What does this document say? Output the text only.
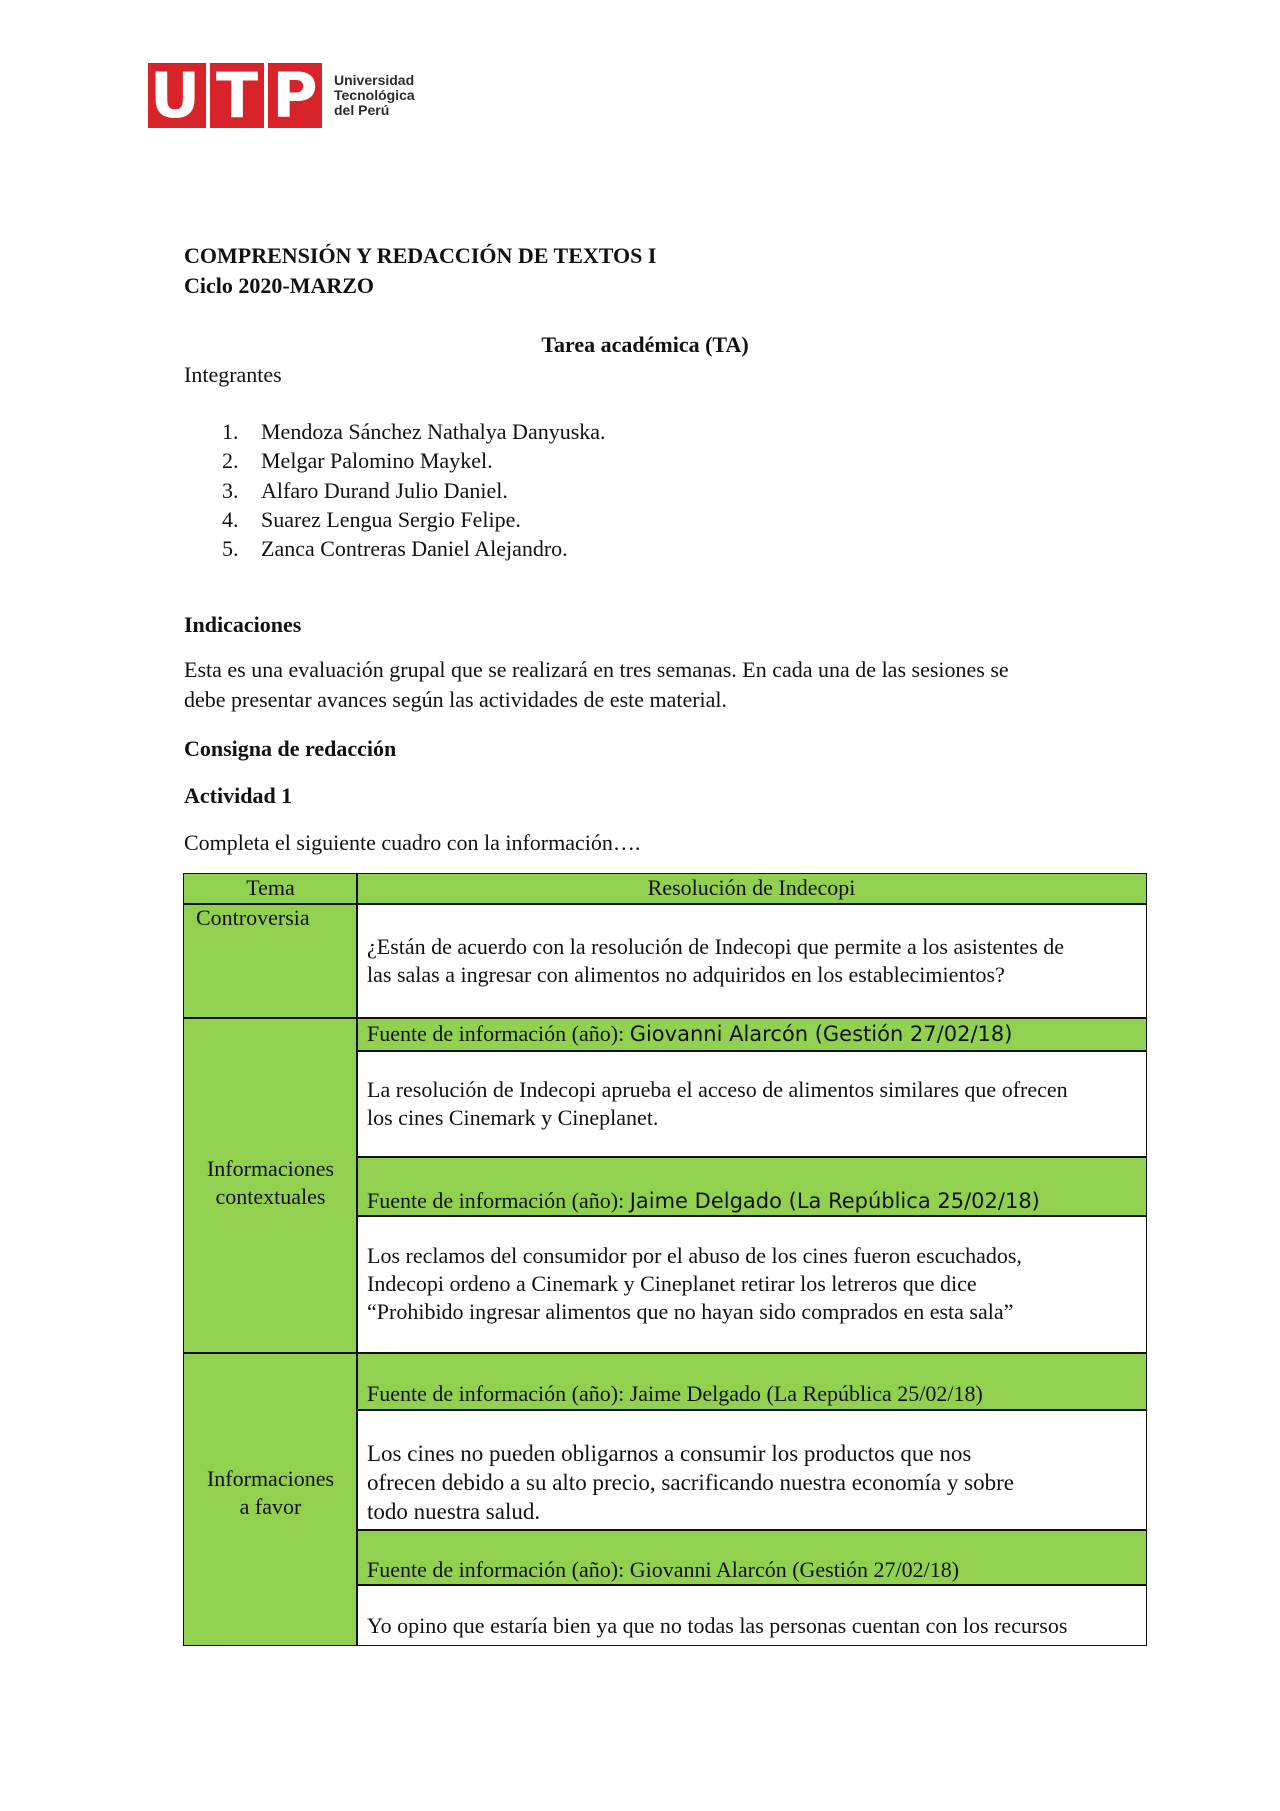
U T P	Universidad
Tecnológica
del Perú
COMPRENSIÓN Y REDACCIÓN DE TEXTOS I
Ciclo 2020-MARZO
Tarea académica (TA)
Integrantes
1. Mendoza Sánchez Nathalya Danyuska.
2. Melgar Palomino Maykel.
3. Alfaro Durand Julio Daniel.
4. Suarez Lengua Sergio Felipe.
5. Zanca Contreras Daniel Alejandro.
Indicaciones
Esta es una evaluación grupal que se realizará en tres semanas. En cada una de las sesiones se
debe presentar avances según las actividades de este material.
Consigna de redacción
Actividad 1
Completa el siguiente cuadro con la información….
Tema	Resolución de Indecopi
Controversia
¿Están de acuerdo con la resolución de Indecopi que permite a los asistentes de
las salas a ingresar con alimentos no adquiridos en los establecimientos?
Informaciones
contextuales
Fuente de información (año): Giovanni Alarcón (Gestión 27/02/18)
La resolución de Indecopi aprueba el acceso de alimentos similares que ofrecen
los cines Cinemark y Cineplanet.
Fuente de información (año): Jaime Delgado (La República 25/02/18)
Los reclamos del consumidor por el abuso de los cines fueron escuchados,
Indecopi ordeno a Cinemark y Cineplanet retirar los letreros que dice
“Prohibido ingresar alimentos que no hayan sido comprados en esta sala”
Informaciones
a favor
Fuente de información (año): Jaime Delgado (La República 25/02/18)
Los cines no pueden obligarnos a consumir los productos que nos
ofrecen debido a su alto precio, sacrificando nuestra economía y sobre
todo nuestra salud.
Fuente de información (año): Giovanni Alarcón (Gestión 27/02/18)
Yo opino que estaría bien ya que no todas las personas cuentan con los recursos
